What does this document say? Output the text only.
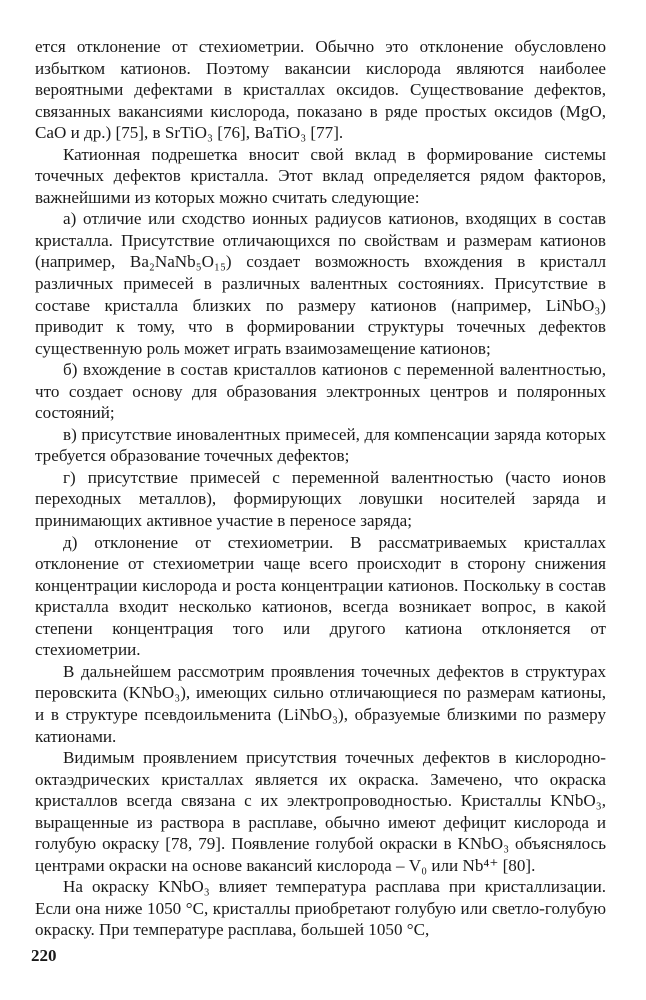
ется отклонение от стехиометрии. Обычно это отклонение обусловлено избытком катионов. Поэтому вакансии кислорода являются наиболее вероятными дефектами в кристаллах оксидов. Существование дефектов, связанных вакансиями кислорода, показано в ряде простых оксидов (MgO, CaO и др.) [75], в SrTiO₃ [76], BaTiO₃ [77].

Катионная подрешетка вносит свой вклад в формирование системы точечных дефектов кристалла. Этот вклад определяется рядом факторов, важнейшими из которых можно считать следующие:

а) отличие или сходство ионных радиусов катионов, входящих в состав кристалла. Присутствие отличающихся по свойствам и размерам катионов (например, Ba₂NaNb₅O₁₅) создает возможность вхождения в кристалл различных примесей в различных валентных состояниях. Присутствие в составе кристалла близких по размеру катионов (например, LiNbO₃) приводит к тому, что в формировании структуры точечных дефектов существенную роль может играть взаимозамещение катионов;

б) вхождение в состав кристаллов катионов с переменной валентностью, что создает основу для образования электронных центров и поляронных состояний;

в) присутствие иновалентных примесей, для компенсации заряда которых требуется образование точечных дефектов;

г) присутствие примесей с переменной валентностью (часто ионов переходных металлов), формирующих ловушки носителей заряда и принимающих активное участие в переносе заряда;

д) отклонение от стехиометрии. В рассматриваемых кристаллах отклонение от стехиометрии чаще всего происходит в сторону снижения концентрации кислорода и роста концентрации катионов. Поскольку в состав кристалла входит несколько катионов, всегда возникает вопрос, в какой степени концентрация того или другого катиона отклоняется от стехиометрии.

В дальнейшем рассмотрим проявления точечных дефектов в структурах перовскита (KNbO₃), имеющих сильно отличающиеся по размерам катионы, и в структуре псевдоильменита (LiNbO₃), образуемые близкими по размеру катионами.

Видимым проявлением присутствия точечных дефектов в кислородно-октаэдрических кристаллах является их окраска. Замечено, что окраска кристаллов всегда связана с их электропроводностью. Кристаллы KNbO₃, выращенные из раствора в расплаве, обычно имеют дефицит кислорода и голубую окраску [78, 79]. Появление голубой окраски в KNbO₃ объяснялось центрами окраски на основе вакансий кислорода – V₀ или Nb⁴⁺ [80].

На окраску KNbO₃ влияет температура расплава при кристаллизации. Если она ниже 1050 °C, кристаллы приобретают голубую или светло-голубую окраску. При температуре расплава, большей 1050 °C,

220
